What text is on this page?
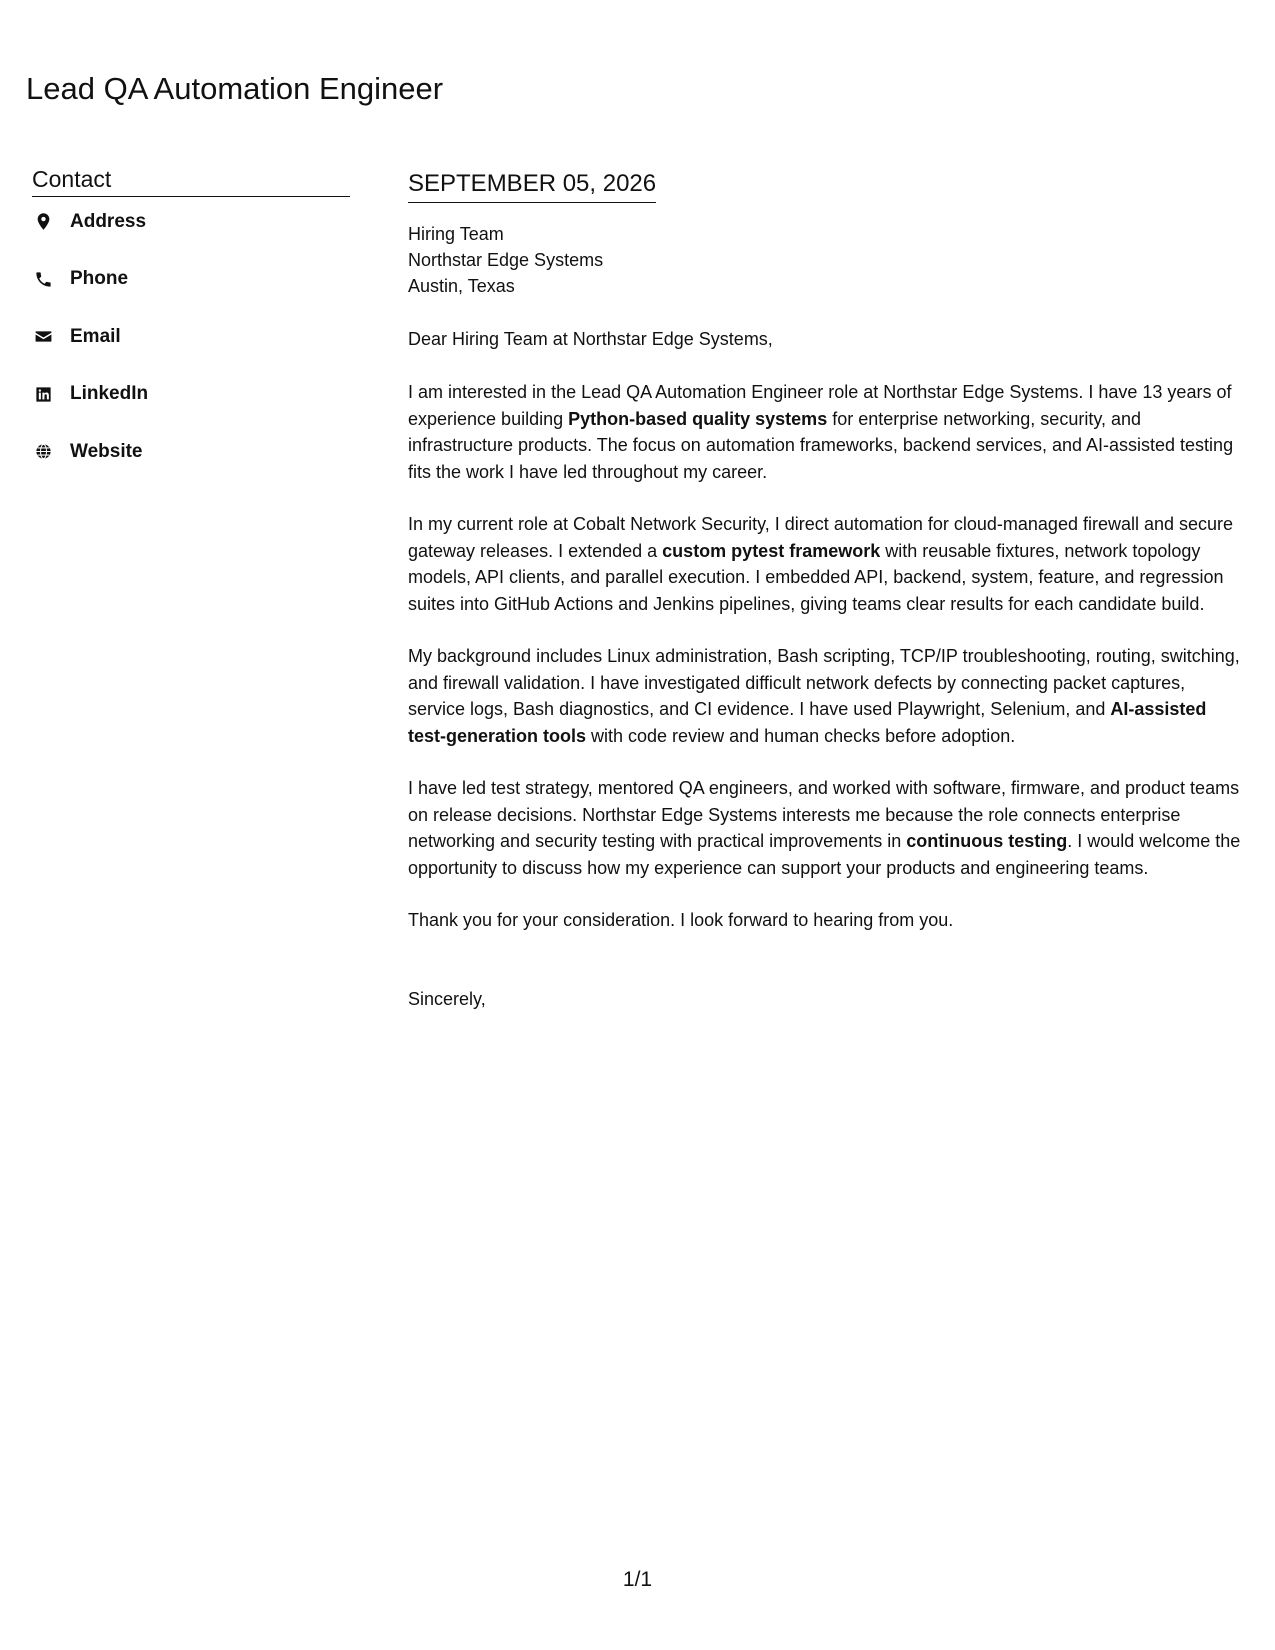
Lead QA Automation Engineer
Contact
Address
Phone
Email
LinkedIn
Website
SEPTEMBER 05, 2026
Hiring Team
Northstar Edge Systems
Austin, Texas
Dear Hiring Team at Northstar Edge Systems,

I am interested in the Lead QA Automation Engineer role at Northstar Edge Systems. I have 13 years of experience building Python-based quality systems for enterprise networking, security, and infrastructure products. The focus on automation frameworks, backend services, and AI-assisted testing fits the work I have led throughout my career.

In my current role at Cobalt Network Security, I direct automation for cloud-managed firewall and secure gateway releases. I extended a custom pytest framework with reusable fixtures, network topology models, API clients, and parallel execution. I embedded API, backend, system, feature, and regression suites into GitHub Actions and Jenkins pipelines, giving teams clear results for each candidate build.

My background includes Linux administration, Bash scripting, TCP/IP troubleshooting, routing, switching, and firewall validation. I have investigated difficult network defects by connecting packet captures, service logs, Bash diagnostics, and CI evidence. I have used Playwright, Selenium, and AI-assisted test-generation tools with code review and human checks before adoption.

I have led test strategy, mentored QA engineers, and worked with software, firmware, and product teams on release decisions. Northstar Edge Systems interests me because the role connects enterprise networking and security testing with practical improvements in continuous testing. I would welcome the opportunity to discuss how my experience can support your products and engineering teams.

Thank you for your consideration. I look forward to hearing from you.

Sincerely,
1/1
